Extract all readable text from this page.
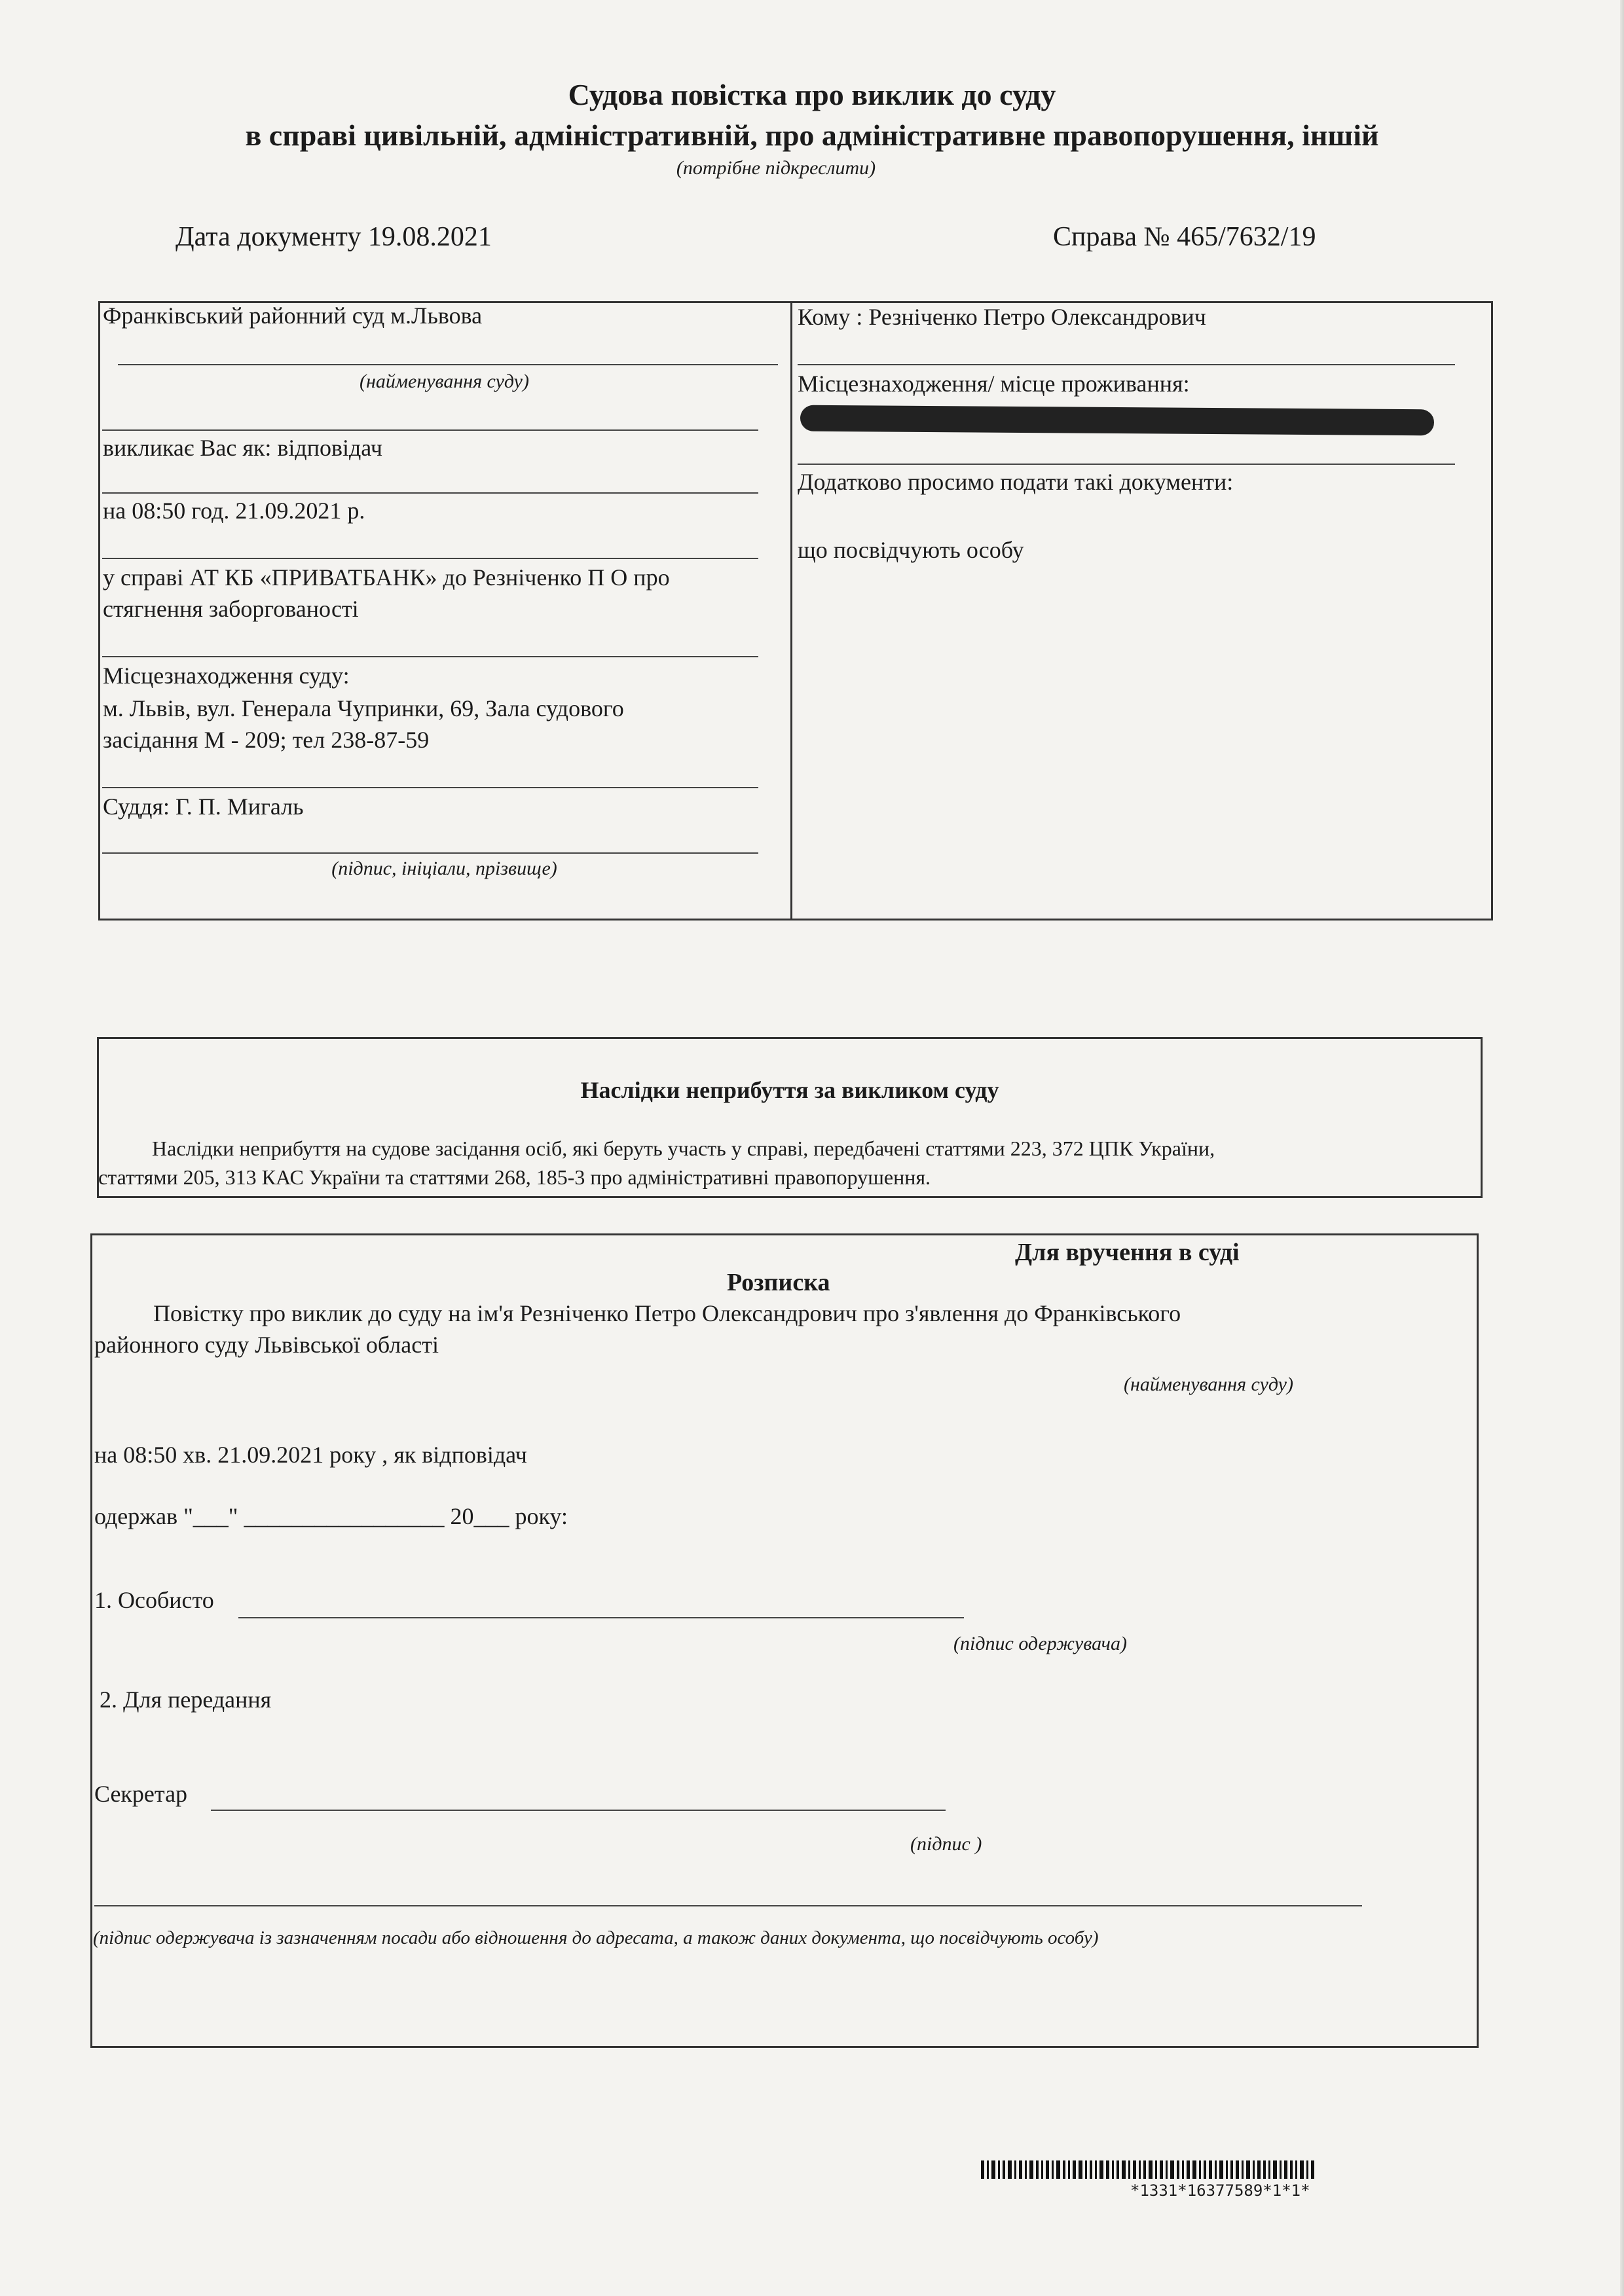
Судова повістка про виклик до суду
в справі цивільній, адміністративній, про адміністративне правопорушення, іншій
(потрібне підкреслити)
Дата документу 19.08.2021	Справа № 465/7632/19
Франківський районний суд м.Львова
(найменування суду)
викликає Вас як: відповідач
на 08:50 год. 21.09.2021 р.
у справі АТ КБ «ПРИВАТБАНК» до Резніченко П О про
стягнення заборгованості
Місцезнаходження суду:
м. Львів, вул. Генерала Чупринки, 69, Зала судового
засідання М - 209; тел 238-87-59
Суддя: Г. П. Мигаль
(підпис, ініціали, прізвище)
Кому : Резніченко Петро Олександрович
Місцезнаходження/ місце проживання:
Додатково просимо подати такі документи:
що посвідчують особу
Наслідки неприбуття за викликом суду
Наслідки неприбуття на судове засідання осіб, які беруть участь у справі, передбачені статтями 223, 372 ЦПК України,
статтями 205, 313 КАС України та статтями 268, 185-3 про адміністративні правопорушення.
Для вручення в суді
Розписка
Повістку про виклик до суду на ім'я Резніченко Петро Олександрович про з'явлення до Франківського
районного суду Львівської області
(найменування суду)
на 08:50 хв. 21.09.2021 року , як відповідач
одержав "___" _________________ 20___ року:
1. Особисто
(підпис одержувача)
2. Для передання
Секретар
(підпис )
(підпис одержувача із зазначенням посади або відношення до адресата, а також даних документа, що посвідчують особу)
*1331*16377589*1*1*
